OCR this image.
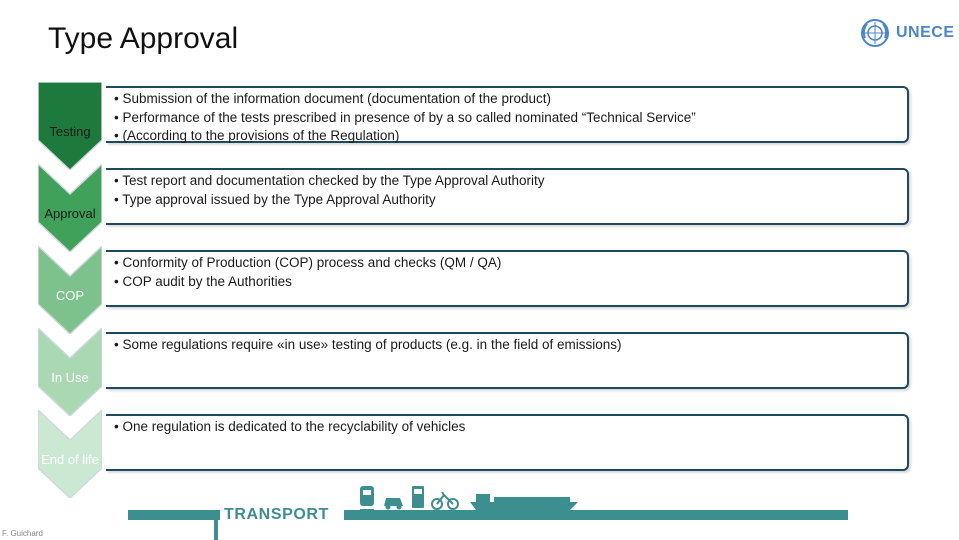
Type Approval	UNECE
Testing
• Submission of the information document (documentation of the product)
• Performance of the tests prescribed in presence of by a so called nominated “Technical Service”
• (According to the provisions of the Regulation)
Approval
• Test report and documentation checked by the Type Approval Authority
• Type approval issued by the Type Approval Authority
COP
• Conformity of Production (COP) process and checks (QM / QA)
• COP audit by the Authorities
In Use
• Some regulations require «in use» testing of products (e.g. in the field of emissions)
End of life
• One regulation is dedicated to the recyclability of vehicles
TRANSPORT
F. Guichard
